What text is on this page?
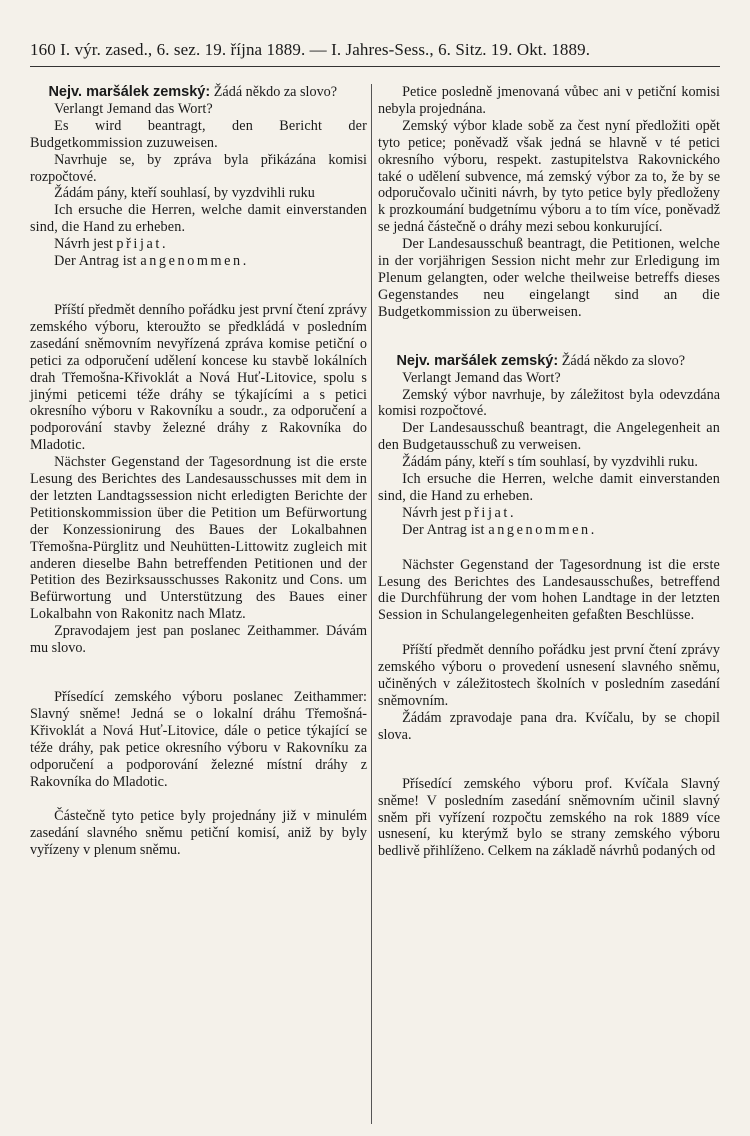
160 I. výr. zased., 6. sez. 19. října 1889. — I. Jahres-Sess., 6. Sitz. 19. Okt. 1889.

Nejv. maršálek zemský: Žádá někdo za slovo?

Verlangt Jemand das Wort?

Es wird beantragt, den Bericht der Budgetkommission zuzuweisen.

Navrhuje se, by zpráva byla přikázána komisi rozpočtové.

Žádám pány, kteří souhlasí, by vyzdvihli ruku

Ich ersuche die Herren, welche damit einverstanden sind, die Hand zu erheben.

Návrh jest přijat.

Der Antrag ist angenommen.

Příští předmět denního pořádku jest první čtení zprávy zemského výboru, kteroužto se předkládá v posledním zasedání sněmovním nevyřízená zpráva komise petiční o petici za odporučení udělení koncese ku stavbě lokálních drah Třemošna-Křivoklát a Nová Huť-Litovice, spolu s jinými peticemi téže dráhy se týkajícími a s petici okresního výboru v Rakovníku a soudr., za odporučení a podporování stavby železné dráhy z Rakovníka do Mladotic.

Nächster Gegenstand der Tagesordnung ist die erste Lesung des Berichtes des Landesausschusses mit dem in der letzten Landtagssession nicht erledigten Berichte der Petitionskommission über die Petition um Befürwortung der Konzessionirung des Baues der Lokalbahnen Třemošna-Pürglitz und Neuhütten-Littowitz zugleich mit anderen dieselbe Bahn betreffenden Petitionen und der Petition des Bezirksausschusses Rakonitz und Cons. um Befürwortung und Unterstützung des Baues einer Lokalbahn von Rakonitz nach Mlatz.

Zpravodajem jest pan poslanec Zeithammer. Dávám mu slovo.

Přísedící zemského výboru poslanec Zeithammer: Slavný sněme! Jedná se o lokalní dráhu Třemošná-Křivoklát a Nová Huť-Litovice, dále o petice týkající se téže dráhy, pak petice okresního výboru v Rakovníku za odporučení a podporování železné místní dráhy z Rakovníka do Mladotic.

Částečně tyto petice byly projednány již v minulém zasedání slavného sněmu petiční komisí, aniž by byly vyřízeny v plenum sněmu.

Petice posledně jmenovaná vůbec ani v petiční komisi nebyla projednána.

Zemský výbor klade sobě za čest nyní předložiti opět tyto petice; poněvadž však jedná se hlavně v té petici okresního výboru, respekt. zastupitelstva Rakovnického také o udělení subvence, má zemský výbor za to, že by se odporučovalo učiniti návrh, by tyto petice byly předloženy k prozkoumání budgetnímu výboru a to tím více, poněvadž se jedná částečně o dráhy mezi sebou konkurující.

Der Landesausschuß beantragt, die Petitionen, welche in der vorjährigen Session nicht mehr zur Erledigung im Plenum gelangten, oder welche theilweise betreffs dieses Gegenstandes neu eingelangt sind an die Budgetkommission zu überweisen.

Nejv. maršálek zemský: Žádá někdo za slovo?

Verlangt Jemand das Wort?

Zemský výbor navrhuje, by záležitost byla odevzdána komisi rozpočtové.

Der Landesausschuß beantragt, die Angelegenheit an den Budgetausschuß zu verweisen.

Žádám pány, kteří s tím souhlasí, by vyzdvihli ruku.

Ich ersuche die Herren, welche damit einverstanden sind, die Hand zu erheben.

Návrh jest přijat.

Der Antrag ist angenommen.

Nächster Gegenstand der Tagesordnung ist die erste Lesung des Berichtes des Landesausschußes, betreffend die Durchführung der vom hohen Landtage in der letzten Session in Schulangelegenheiten gefaßten Beschlüsse.

Příští předmět denního pořádku jest první čtení zprávy zemského výboru o provedení usnesení slavného sněmu, učiněných v záležitostech školních v posledním zasedání sněmovním.

Žádám zpravodaje pana dra. Kvíčalu, by se chopil slova.

Přísedící zemského výboru prof. Kvíčala Slavný sněme! V posledním zasedání sněmovním učinil slavný sněm při vyřízení rozpočtu zemského na rok 1889 více usnesení, ku kterýmž bylo se strany zemského výboru bedlivě přihlíženo. Celkem na základě návrhů podaných od
